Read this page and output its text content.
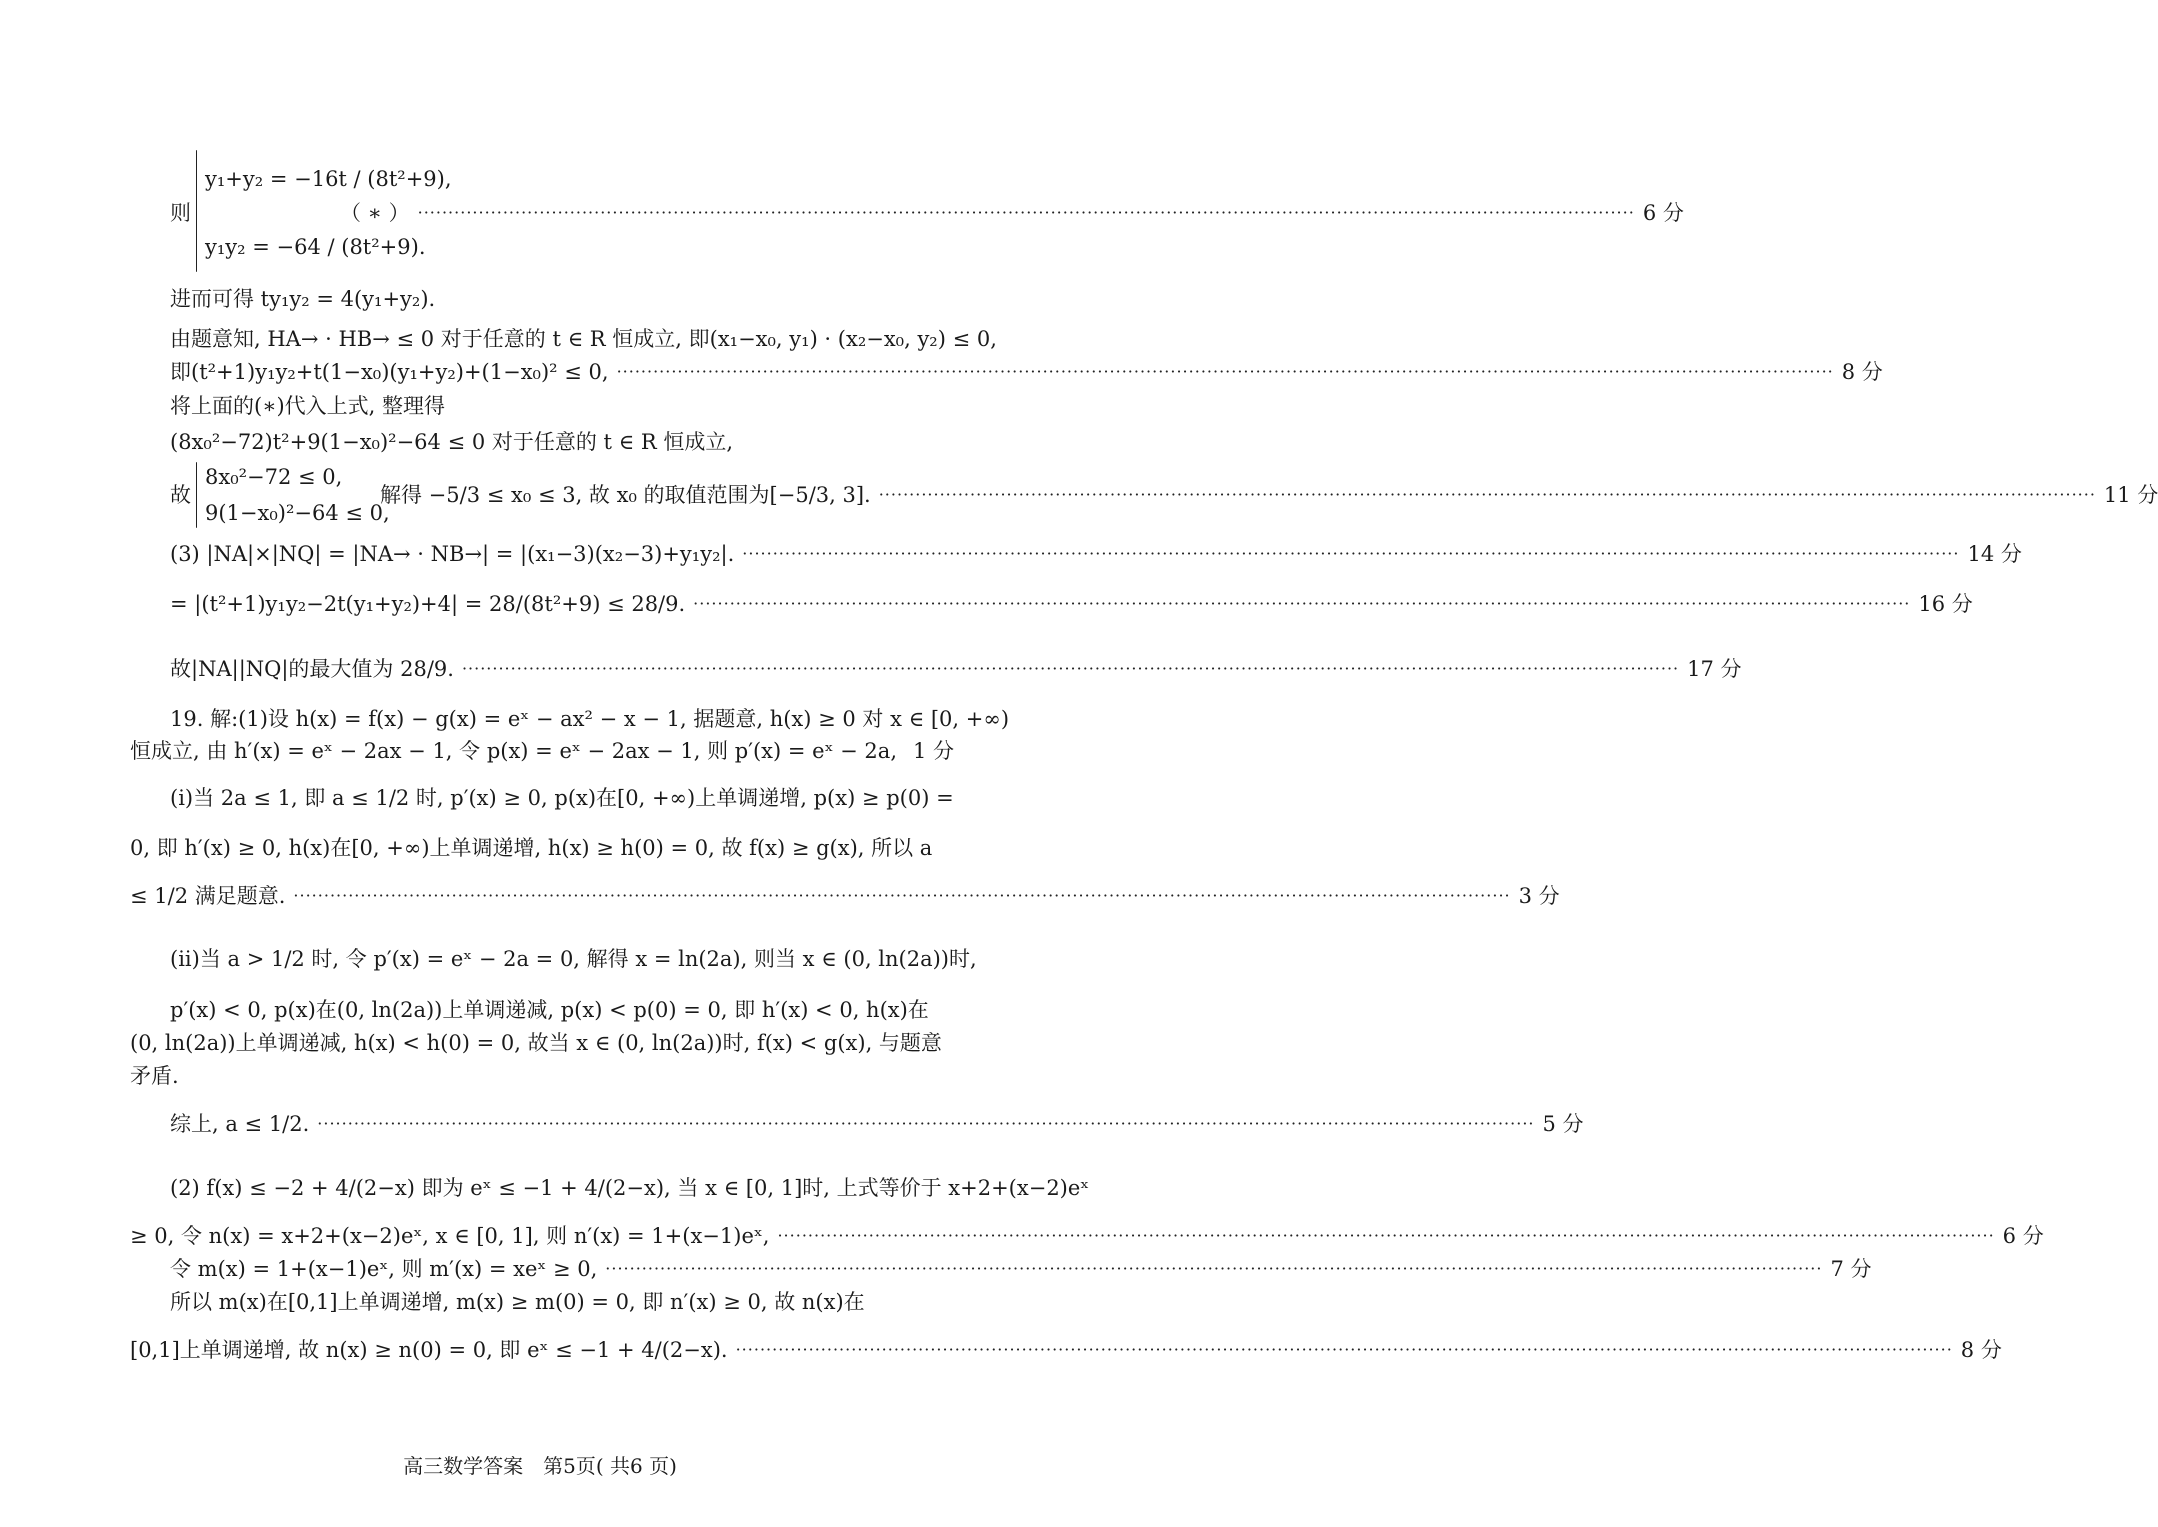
y₁+y₂ = −16t / (8t²+9),
y₁y₂ = −64 / (8t²+9).
则	（ ∗ ） ········································································································································································································ 6 分
进而可得 ty₁y₂ = 4(y₁+y₂).
由题意知, HA→ · HB→ ≤ 0 对于任意的 t ∈ R 恒成立, 即(x₁−x₀, y₁) · (x₂−x₀, y₂) ≤ 0,
即(t²+1)y₁y₂+t(1−x₀)(y₁+y₂)+(1−x₀)² ≤ 0, ········································································································································································································ 8 分
将上面的(∗)代入上式, 整理得
(8x₀²−72)t²+9(1−x₀)²−64 ≤ 0 对于任意的 t ∈ R 恒成立,
8x₀²−72 ≤ 0,
9(1−x₀)²−64 ≤ 0,
故	解得 −5/3 ≤ x₀ ≤ 3, 故 x₀ 的取值范围为[−5/3, 3]. ········································································································································································································ 11 分
(3) |NA|×|NQ| = |NA→ · NB→| = |(x₁−3)(x₂−3)+y₁y₂|. ········································································································································································································ 14 分
= |(t²+1)y₁y₂−2t(y₁+y₂)+4| = 28/(8t²+9) ≤ 28/9. ········································································································································································································ 16 分
故|NA||NQ|的最大值为 28/9. ········································································································································································································ 17 分
19. 解:(1)设 h(x) = f(x) − g(x) = eˣ − ax² − x − 1, 据题意, h(x) ≥ 0 对 x ∈ [0, +∞)
恒成立, 由 h′(x) = eˣ − 2ax − 1, 令 p(x) = eˣ − 2ax − 1, 则 p′(x) = eˣ − 2a, 1 分
(i)当 2a ≤ 1, 即 a ≤ 1/2 时, p′(x) ≥ 0, p(x)在[0, +∞)上单调递增, p(x) ≥ p(0) =
0, 即 h′(x) ≥ 0, h(x)在[0, +∞)上单调递增, h(x) ≥ h(0) = 0, 故 f(x) ≥ g(x), 所以 a
≤ 1/2 满足题意. ········································································································································································································ 3 分
(ii)当 a > 1/2 时, 令 p′(x) = eˣ − 2a = 0, 解得 x = ln(2a), 则当 x ∈ (0, ln(2a))时,
p′(x) < 0, p(x)在(0, ln(2a))上单调递减, p(x) < p(0) = 0, 即 h′(x) < 0, h(x)在
(0, ln(2a))上单调递减, h(x) < h(0) = 0, 故当 x ∈ (0, ln(2a))时, f(x) < g(x), 与题意
矛盾.
综上, a ≤ 1/2. ········································································································································································································ 5 分
(2) f(x) ≤ −2 + 4/(2−x) 即为 eˣ ≤ −1 + 4/(2−x), 当 x ∈ [0, 1]时, 上式等价于 x+2+(x−2)eˣ
≥ 0, 令 n(x) = x+2+(x−2)eˣ, x ∈ [0, 1], 则 n′(x) = 1+(x−1)eˣ, ········································································································································································································ 6 分
令 m(x) = 1+(x−1)eˣ, 则 m′(x) = xeˣ ≥ 0, ········································································································································································································ 7 分
所以 m(x)在[0,1]上单调递增, m(x) ≥ m(0) = 0, 即 n′(x) ≥ 0, 故 n(x)在
[0,1]上单调递增, 故 n(x) ≥ n(0) = 0, 即 eˣ ≤ −1 + 4/(2−x). ········································································································································································································ 8 分
高三数学答案　第5页( 共6 页)
